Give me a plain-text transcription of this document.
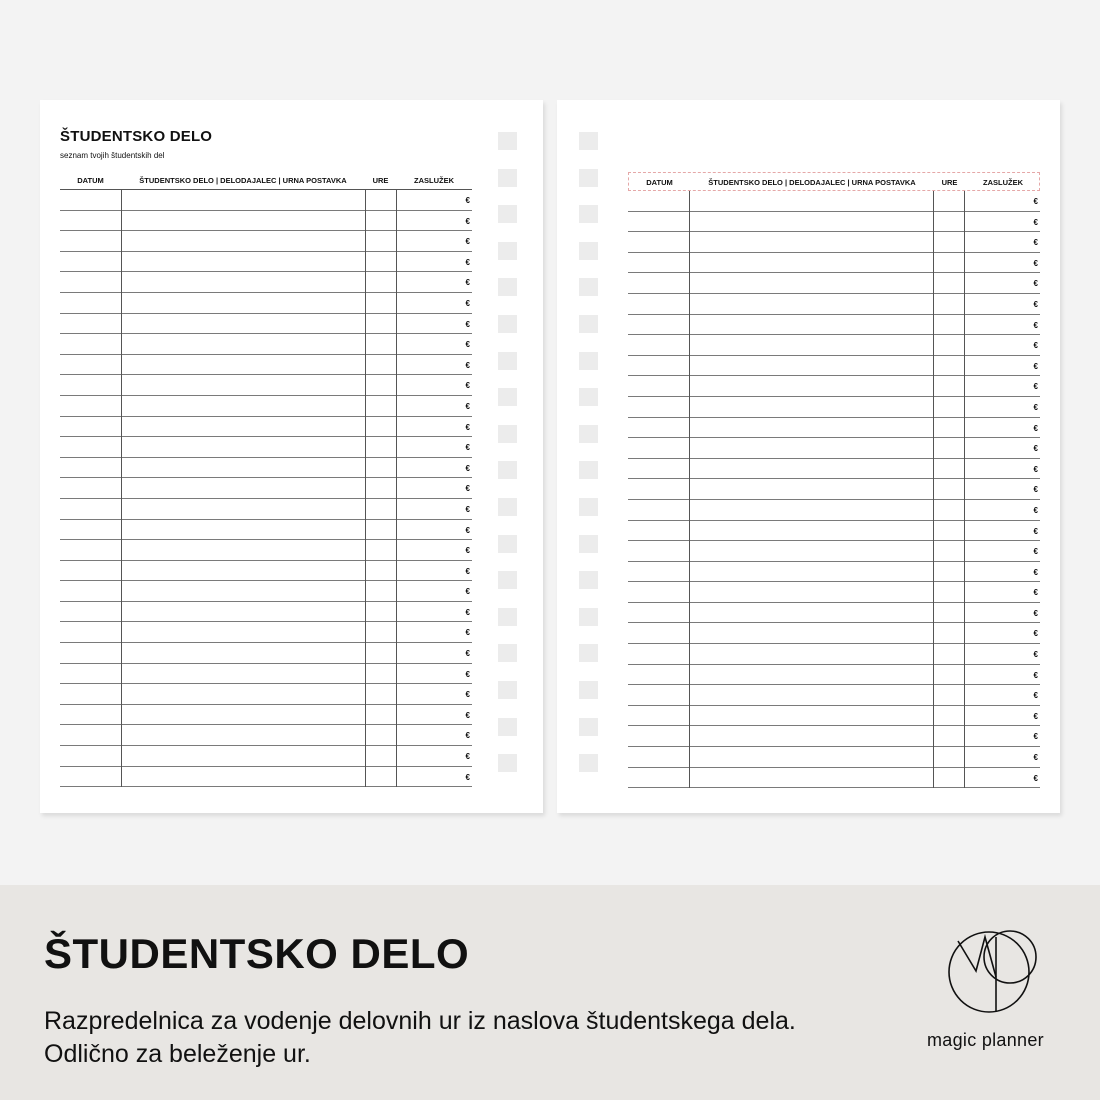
ŠTUDENTSKO DELO
seznam tvojih študentskih del
DATUM	ŠTUDENTSKO DELO | DELODAJALEC | URNA POSTAVKA	URE	ZASLUŽEK
€
€
€
€
€
€
€
€
€
€
€
€
€
€
€
€
€
€
€
€
€
€
€
€
€
€
€
€
€
DATUM	ŠTUDENTSKO DELO | DELODAJALEC | URNA POSTAVKA	URE	ZASLUŽEK
€
€
€
€
€
€
€
€
€
€
€
€
€
€
€
€
€
€
€
€
€
€
€
€
€
€
€
€
€
ŠTUDENTSKO DELO
Razpredelnica za vodenje delovnih ur iz naslova študentskega dela. Odlično za beleženje ur.	magic planner
